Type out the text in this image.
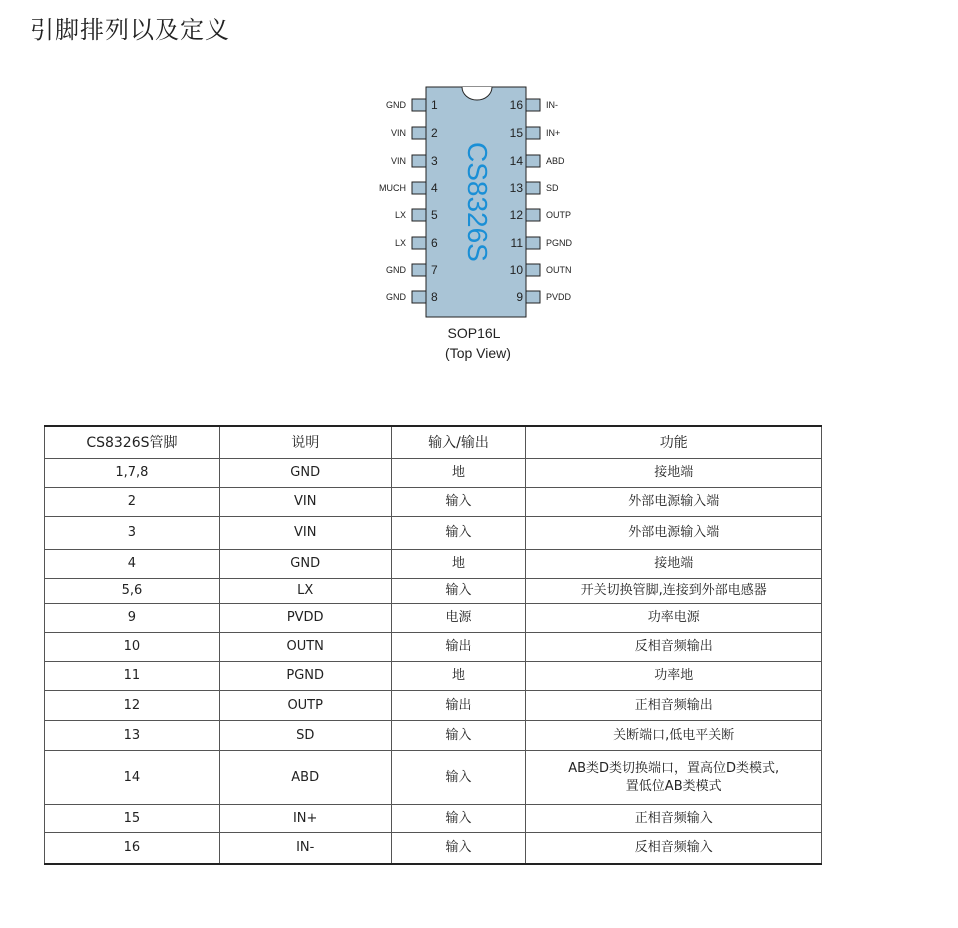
引脚排列以及定义
CS8326S
GND 1
VIN 2
VIN 3
MUCH 4
LX 5
LX 6
GND 7
GND 8
IN-
16
IN+
15
ABD
14
SD
13
OUTP
12
PGND
11
OUTN
10
PVDD
9
SOP16L
(Top View)
CS8326S管脚	说明	输入/输出	功能
1,7,8	GND	地	接地端
2	VIN	输入	外部电源输入端
3	VIN	输入	外部电源输入端
4	GND	地	接地端
5,6	LX	输入	开关切换管脚,连接到外部电感器
9	PVDD	电源	功率电源
10	OUTN	输出	反相音频输出
11	PGND	地	功率地
12	OUTP	输出	正相音频输出
13	SD	输入	关断端口,低电平关断
14	ABD	输入	AB类D类切换端口，置高位D类模式,
置低位AB类模式

15	IN+	输入	正相音频输入
16	IN-	输入	反相音频输入
